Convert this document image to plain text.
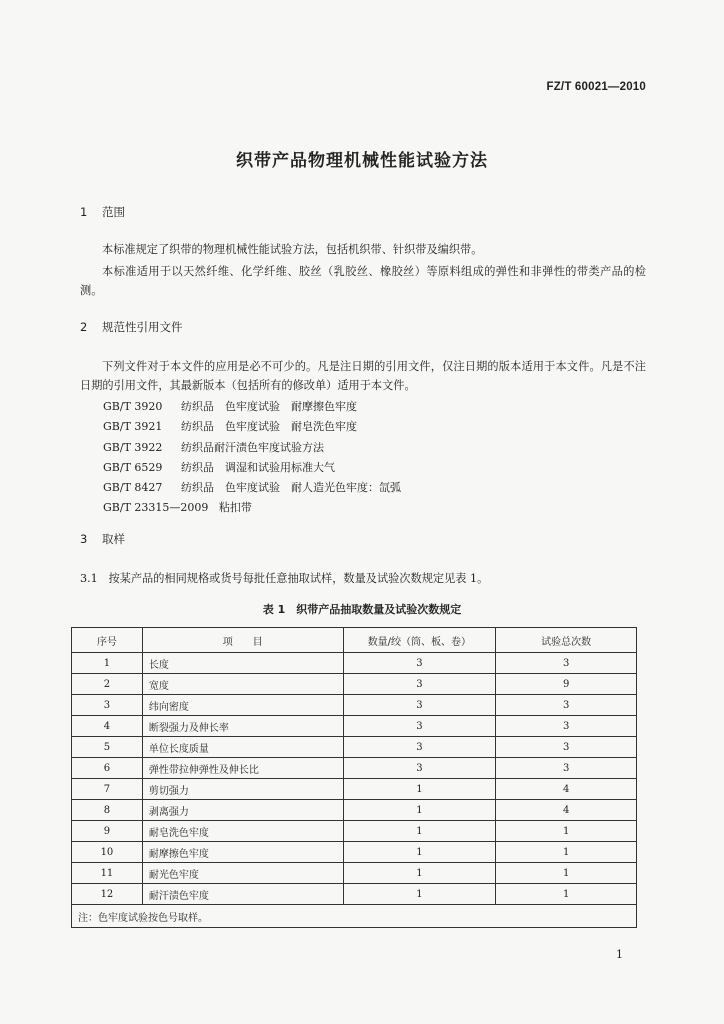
FZ/T 60021—2010
织带产品物理机械性能试验方法
1 范围
本标准规定了织带的物理机械性能试验方法，包括机织带、针织带及编织带。
本标准适用于以天然纤维、化学纤维、胶丝（乳胶丝、橡胶丝）等原料组成的弹性和非弹性的带类产品的检测。
2 规范性引用文件
下列文件对于本文件的应用是必不可少的。凡是注日期的引用文件，仅注日期的版本适用于本文件。凡是不注日期的引用文件，其最新版本（包括所有的修改单）适用于本文件。
GB/T 3920 纺织品　色牢度试验　耐摩擦色牢度
GB/T 3921 纺织品　色牢度试验　耐皂洗色牢度
GB/T 3922 纺织品耐汗渍色牢度试验方法
GB/T 6529 纺织品　调湿和试验用标准大气
GB/T 8427 纺织品　色牢度试验　耐人造光色牢度：氙弧
GB/T 23315—2009 粘扣带
3 取样
3.1 按某产品的相同规格或货号每批任意抽取试样，数量及试验次数规定见表 1。
表 1　织带产品抽取数量及试验次数规定
序号	项　　目	数量/绞（筒、板、卷）	试验总次数
1	长度	3	3
2	宽度	3	9
3	纬向密度	3	3
4	断裂强力及伸长率	3	3
5	单位长度质量	3	3
6	弹性带拉伸弹性及伸长比	3	3
7	剪切强力	1	4
8	剥离强力	1	4
9	耐皂洗色牢度	1	1
10	耐摩擦色牢度	1	1
11	耐光色牢度	1	1
12	耐汗渍色牢度	1	1
注：色牢度试验按色号取样。			
1
